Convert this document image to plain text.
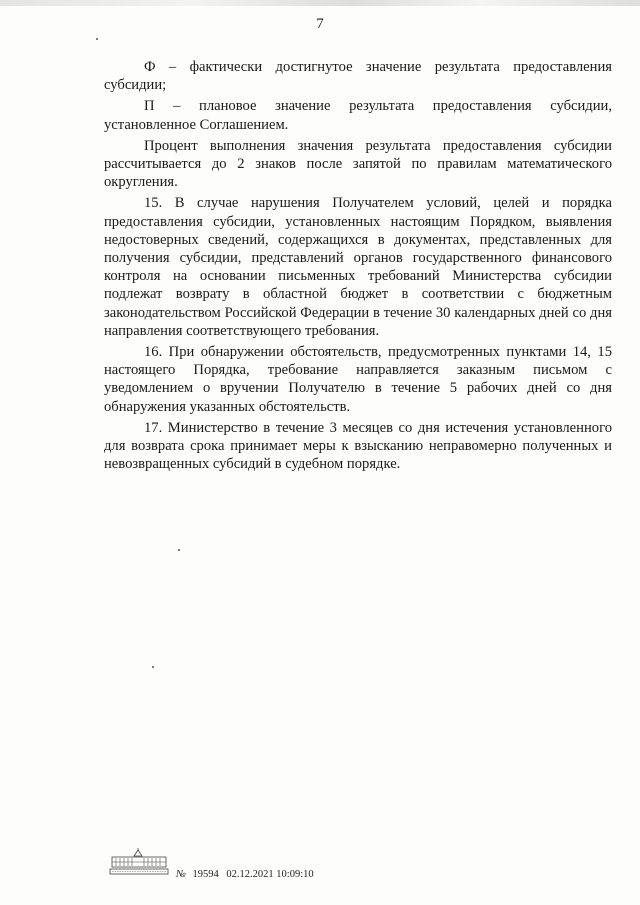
7

Ф – фактически достигнутое значение результата предоставления субсидии;

П – плановое значение результата предоставления субсидии, установленное Соглашением.

Процент выполнения значения результата предоставления субсидии рассчитывается до 2 знаков после запятой по правилам математического округления.

15. В случае нарушения Получателем условий, целей и порядка предоставления субсидии, установленных настоящим Порядком, выявления недостоверных сведений, содержащихся в документах, представленных для получения субсидии, представлений органов государственного финансового контроля на основании письменных требований Министерства субсидии подлежат возврату в областной бюджет в соответствии с бюджетным законодательством Российской Федерации в течение 30 календарных дней со дня направления соответствующего требования.

16. При обнаружении обстоятельств, предусмотренных пунктами 14, 15 настоящего Порядка, требование направляется заказным письмом с уведомлением о вручении Получателю в течение 5 рабочих дней со дня обнаружения указанных обстоятельств.

17. Министерство в течение 3 месяцев со дня истечения установленного для возврата срока принимает меры к взысканию неправомерно полученных и невозвращенных субсидий в судебном порядке.

№ 19594 02.12.2021 10:09:10
